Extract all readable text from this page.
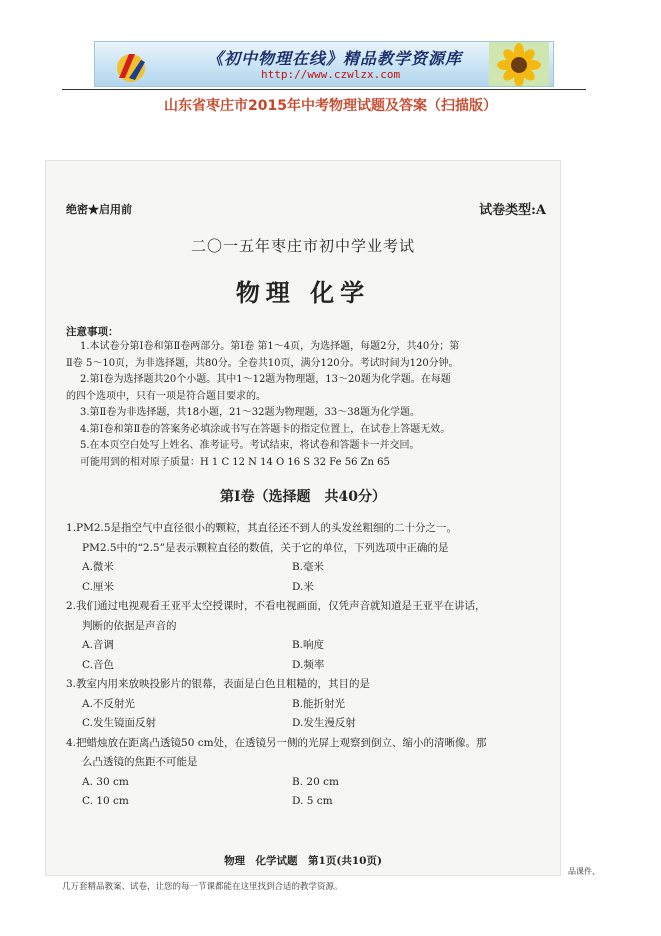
《初中物理在线》精品教学资源库
http://www.czwlzx.com
山东省枣庄市2015年中考物理试题及答案（扫描版）
绝密★启用前	试卷类型:A
二〇一五年枣庄市初中学业考试
物理 化学
注意事项：

1.本试卷分第Ⅰ卷和第Ⅱ卷两部分。第Ⅰ卷 第1～4页，为选择题，每题2分，共40分；第

Ⅱ卷 5～10页，为非选择题，共80分。全卷共10页，满分120分。考试时间为120分钟。

2.第Ⅰ卷为选择题共20个小题。其中1～12题为物理题，13～20题为化学题。在每题

的四个选项中，只有一项是符合题目要求的。

3.第Ⅱ卷为非选择题，共18小题，21～32题为物理题，33～38题为化学题。

4.第Ⅰ卷和第Ⅱ卷的答案务必填涂或书写在答题卡的指定位置上，在试卷上答题无效。

5.在本页空白处写上姓名、准考证号。考试结束，将试卷和答题卡一并交回。

可能用到的相对原子质量：H 1 C 12 N 14 O 16 S 32 Fe 56 Zn 65

第Ⅰ卷（选择题　共40分）

1.PM2.5是指空气中直径很小的颗粒，其直径还不到人的头发丝粗细的二十分之一。

PM2.5中的“2.5”是表示颗粒直径的数值，关于它的单位，下列选项中正确的是

A.微米	B.毫米
C.厘米	D.米

2.我们通过电视观看王亚平太空授课时，不看电视画面，仅凭声音就知道是王亚平在讲话，

判断的依据是声音的

A.音调	B.响度
C.音色	D.频率

3.教室内用来放映投影片的银幕，表面是白色且粗糙的，其目的是

A.不反射光	B.能折射光
C.发生镜面反射	D.发生漫反射

4.把蜡烛放在距离凸透镜50 cm处，在透镜另一侧的光屏上观察到倒立、缩小的清晰像。那

么凸透镜的焦距不可能是

A. 30 cm	B. 20 cm
C. 10 cm	D. 5 cm
物理　化学试题　第1页(共10页)
品课件、
几万套精品教案、试卷，让您的每一节课都能在这里找到合适的教学资源。
